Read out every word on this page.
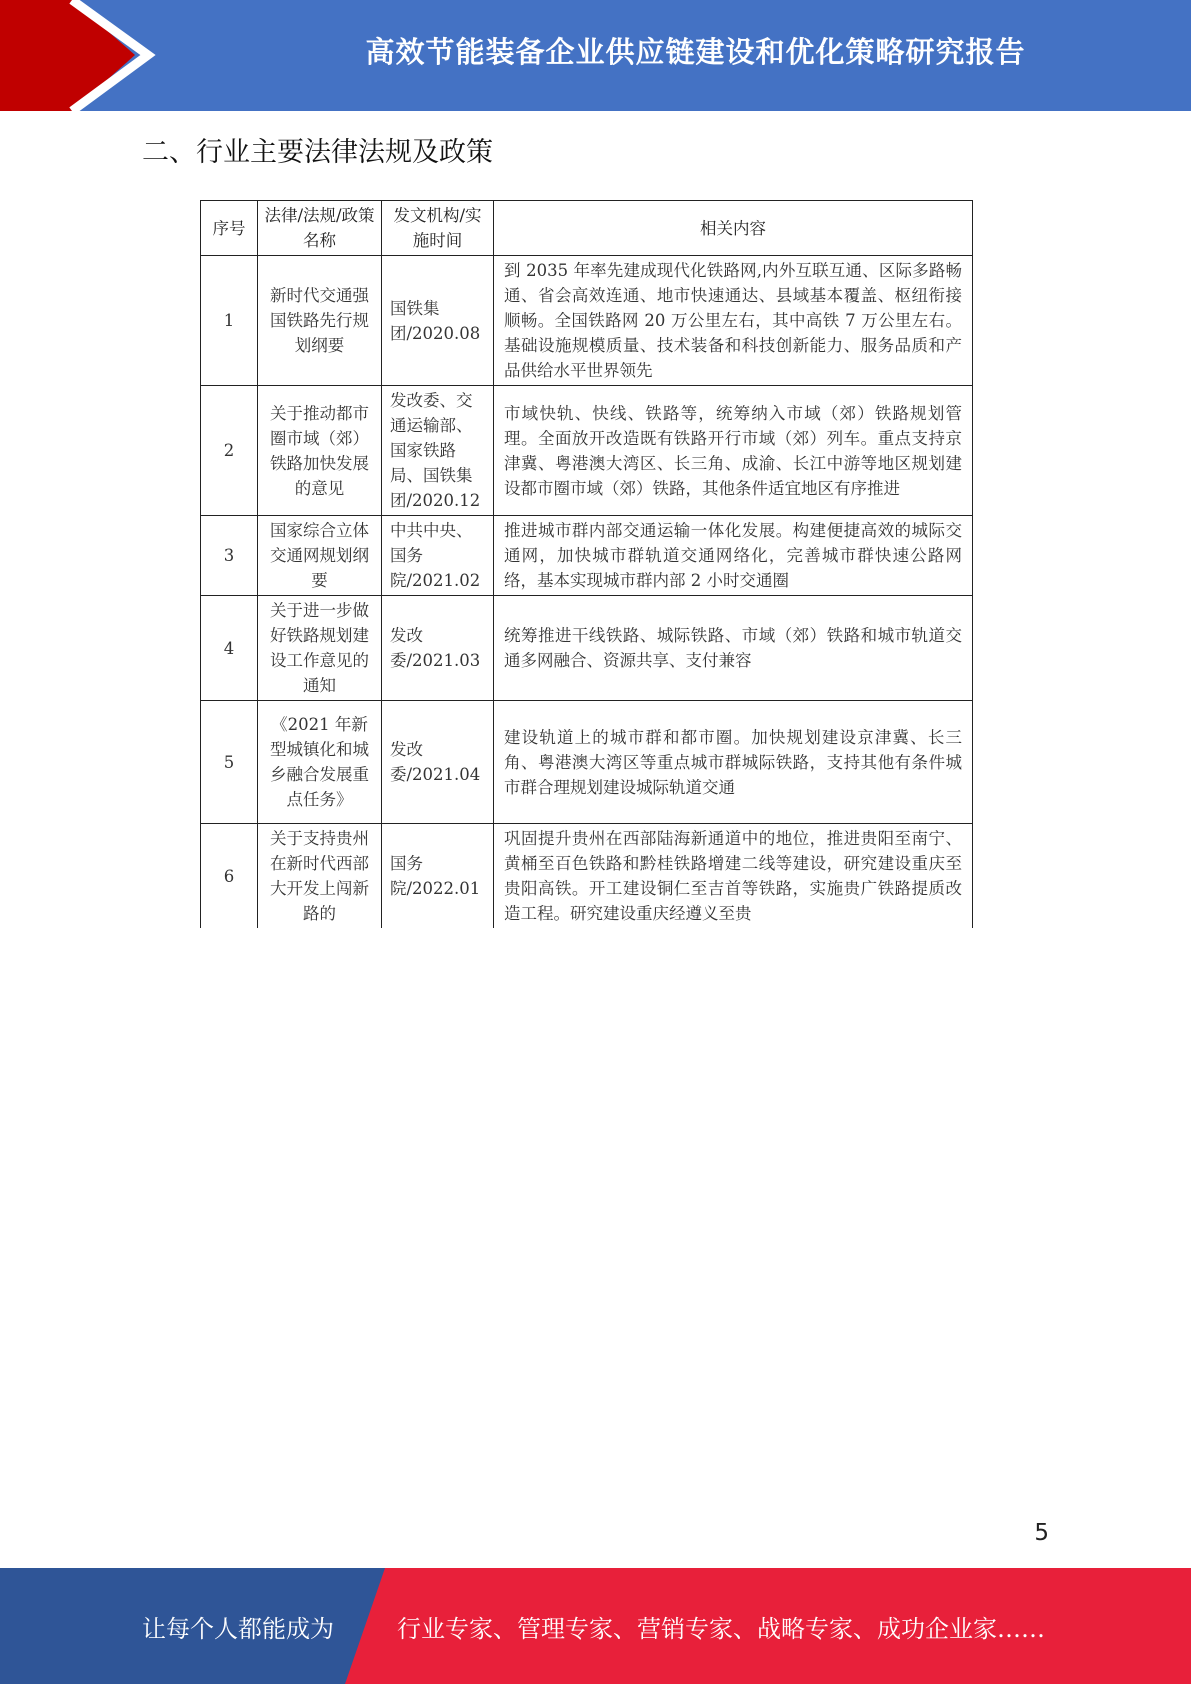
高效节能装备企业供应链建设和优化策略研究报告
二、行业主要法律法规及政策
序号	法律/法规/政策名称	发文机构/实施时间	相关内容
1	新时代交通强国铁路先行规划纲要	国铁集团/2020.08	到 2035 年率先建成现代化铁路网,内外互联互通、区际多路畅通、省会高效连通、地市快速通达、县域基本覆盖、枢纽衔接顺畅。全国铁路网 20 万公里左右，其中高铁 7 万公里左右。基础设施规模质量、技术装备和科技创新能力、服务品质和产品供给水平世界领先
2	关于推动都市圈市域（郊）铁路加快发展的意见	发改委、交通运输部、国家铁路局、国铁集团/2020.12	市域快轨、快线、铁路等，统筹纳入市域（郊）铁路规划管理。全面放开改造既有铁路开行市域（郊）列车。重点支持京津冀、粤港澳大湾区、长三角、成渝、长江中游等地区规划建设都市圈市域（郊）铁路，其他条件适宜地区有序推进
3	国家综合立体交通网规划纲要	中共中央、国务院/2021.02	推进城市群内部交通运输一体化发展。构建便捷高效的城际交通网，加快城市群轨道交通网络化，完善城市群快速公路网络，基本实现城市群内部 2 小时交通圈
4	关于进一步做好铁路规划建设工作意见的通知	发改委/2021.03	统筹推进干线铁路、城际铁路、市域（郊）铁路和城市轨道交通多网融合、资源共享、支付兼容
5	《2021 年新型城镇化和城乡融合发展重点任务》	发改委/2021.04	建设轨道上的城市群和都市圈。加快规划建设京津冀、长三角、粤港澳大湾区等重点城市群城际铁路，支持其他有条件城市群合理规划建设城际轨道交通
6	关于支持贵州在新时代西部大开发上闯新路的	国务院/2022.01	巩固提升贵州在西部陆海新通道中的地位，推进贵阳至南宁、黄桶至百色铁路和黔桂铁路增建二线等建设，研究建设重庆至贵阳高铁。开工建设铜仁至吉首等铁路，实施贵广铁路提质改造工程。研究建设重庆经遵义至贵
5
让每个人都能成为	行业专家、管理专家、营销专家、战略专家、成功企业家……
